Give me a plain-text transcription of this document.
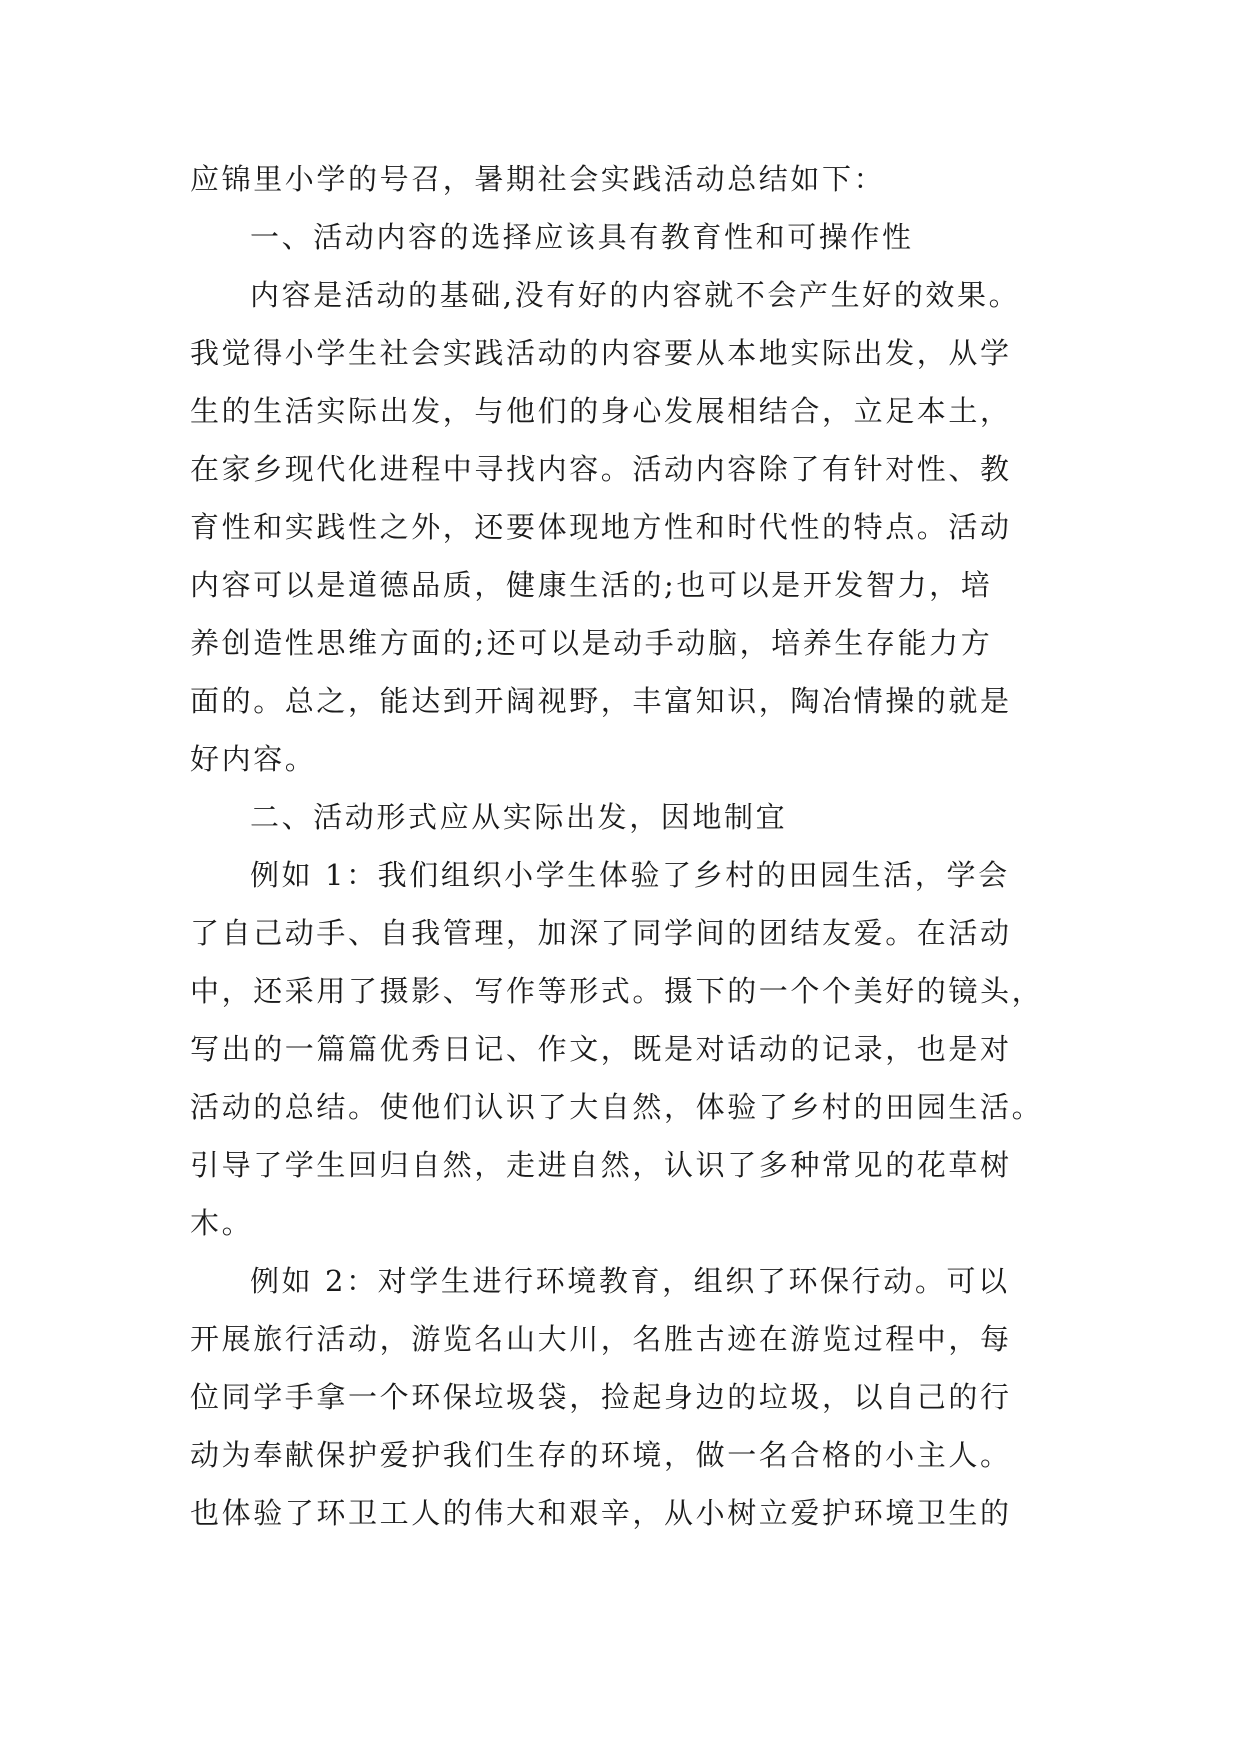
应锦里小学的号召，暑期社会实践活动总结如下：
一、活动内容的选择应该具有教育性和可操作性
内容是活动的基础,没有好的内容就不会产生好的效果。
我觉得小学生社会实践活动的内容要从本地实际出发，从学
生的生活实际出发，与他们的身心发展相结合，立足本土，
在家乡现代化进程中寻找内容。活动内容除了有针对性、教
育性和实践性之外，还要体现地方性和时代性的特点。活动
内容可以是道德品质，健康生活的;也可以是开发智力，培
养创造性思维方面的;还可以是动手动脑，培养生存能力方
面的。总之，能达到开阔视野，丰富知识，陶冶情操的就是
好内容。
二、活动形式应从实际出发，因地制宜
例如 1：我们组织小学生体验了乡村的田园生活，学会
了自己动手、自我管理，加深了同学间的团结友爱。在活动
中，还采用了摄影、写作等形式。摄下的一个个美好的镜头，
写出的一篇篇优秀日记、作文，既是对话动的记录，也是对
活动的总结。使他们认识了大自然，体验了乡村的田园生活。
引导了学生回归自然，走进自然，认识了多种常见的花草树
木。
例如 2：对学生进行环境教育，组织了环保行动。可以
开展旅行活动，游览名山大川，名胜古迹在游览过程中，每
位同学手拿一个环保垃圾袋，捡起身边的垃圾，以自己的行
动为奉献保护爱护我们生存的环境，做一名合格的小主人。
也体验了环卫工人的伟大和艰辛，从小树立爱护环境卫生的
